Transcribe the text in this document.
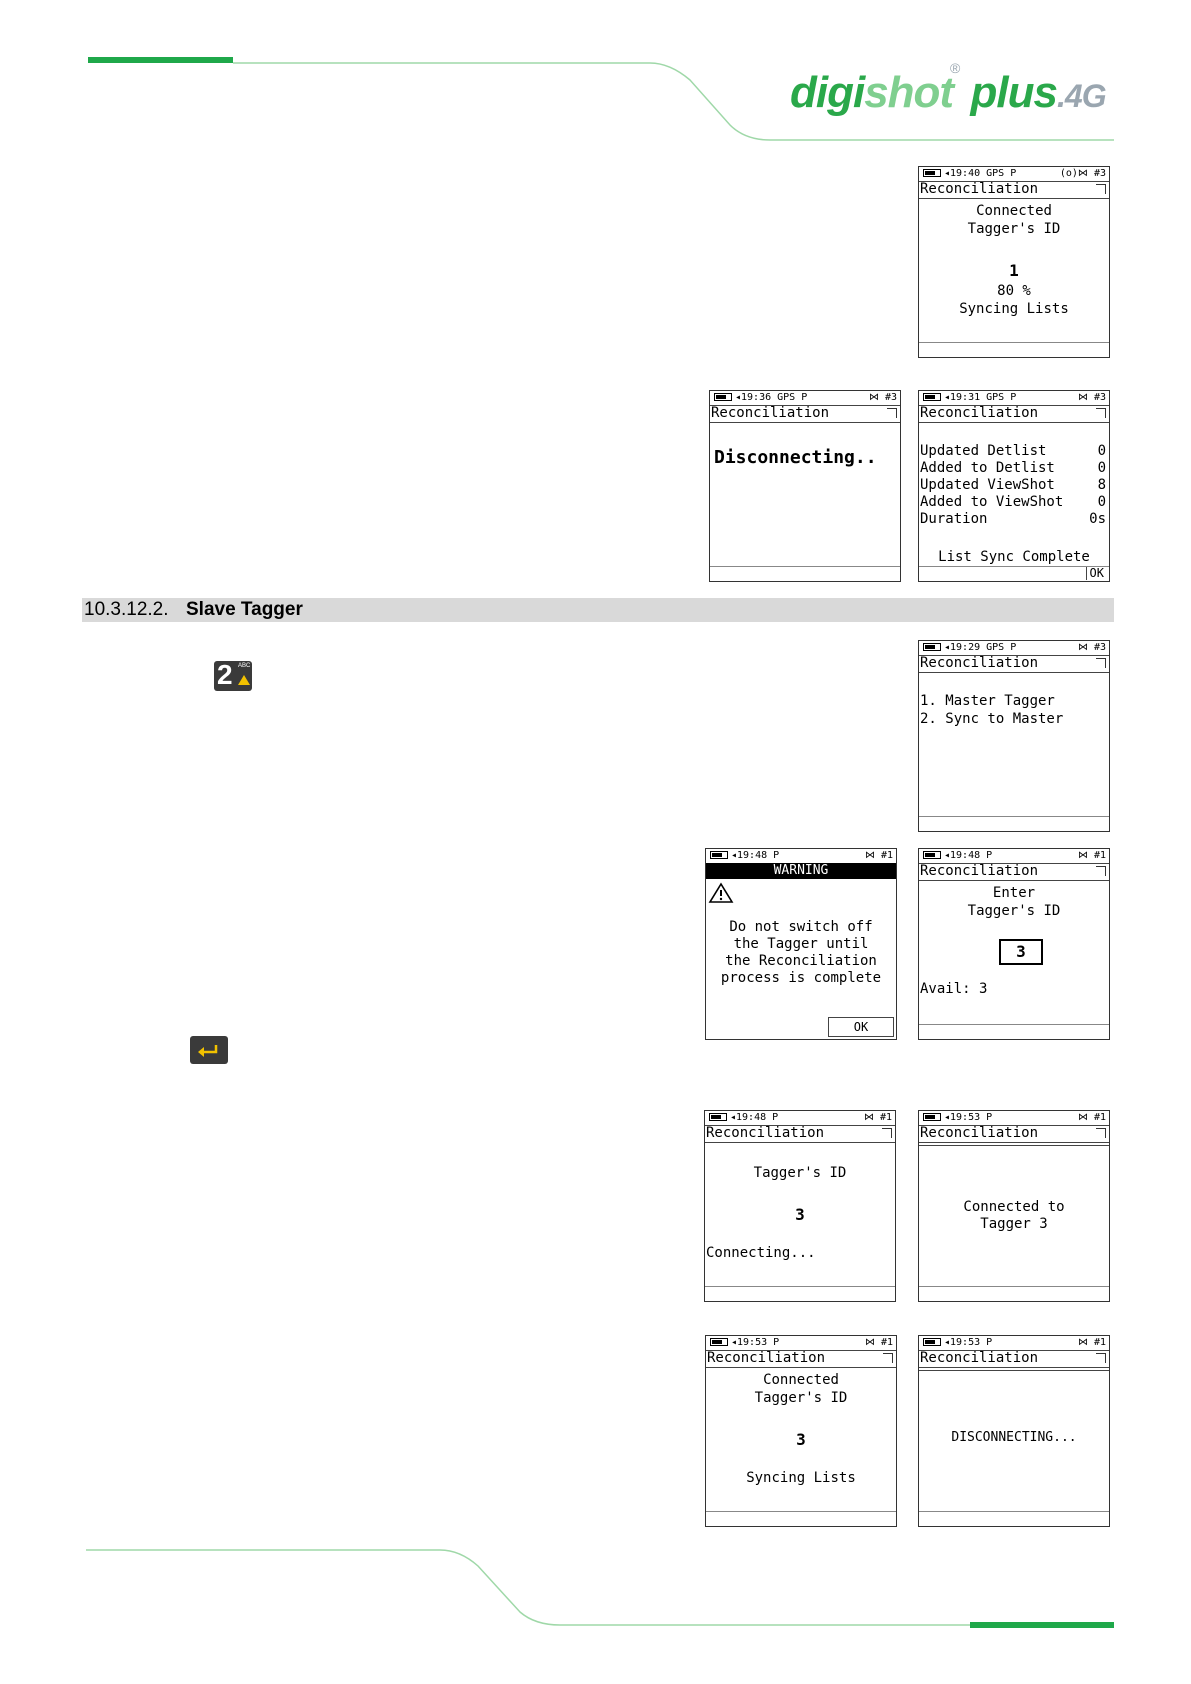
digishot
® plus.4G
◂19:40 GPS P	(o)⋈ #3
Reconciliation
Connected
Tagger's ID
1
80 %
Syncing Lists
◂19:36 GPS P	⋈ #3
Reconciliation
Disconnecting..
◂19:31 GPS P	⋈ #3
Reconciliation
Updated Detlist	0
Added to Detlist	0
Updated ViewShot	8
Added to ViewShot 0
Duration	0s
List Sync Complete
OK
10.3.12.2. Slave Tagger
2 ABC
◂19:29 GPS P	⋈ #3
Reconciliation
1. Master Tagger
2. Sync to Master
◂19:48 P	⋈ #1
WARNING
Do not switch off
the Tagger until
the Reconciliation
process is complete
OK
◂19:48 P	⋈ #1
Reconciliation
Enter
Tagger's ID
3
Avail: 3
◂19:48 P	⋈ #1
Reconciliation
Tagger's ID
3
Connecting...
◂19:53 P	⋈ #1
Reconciliation
Connected to
Tagger 3
◂19:53 P	⋈ #1
Reconciliation
Connected
Tagger's ID
3
Syncing Lists
◂19:53 P	⋈ #1
Reconciliation
DISCONNECTING...
